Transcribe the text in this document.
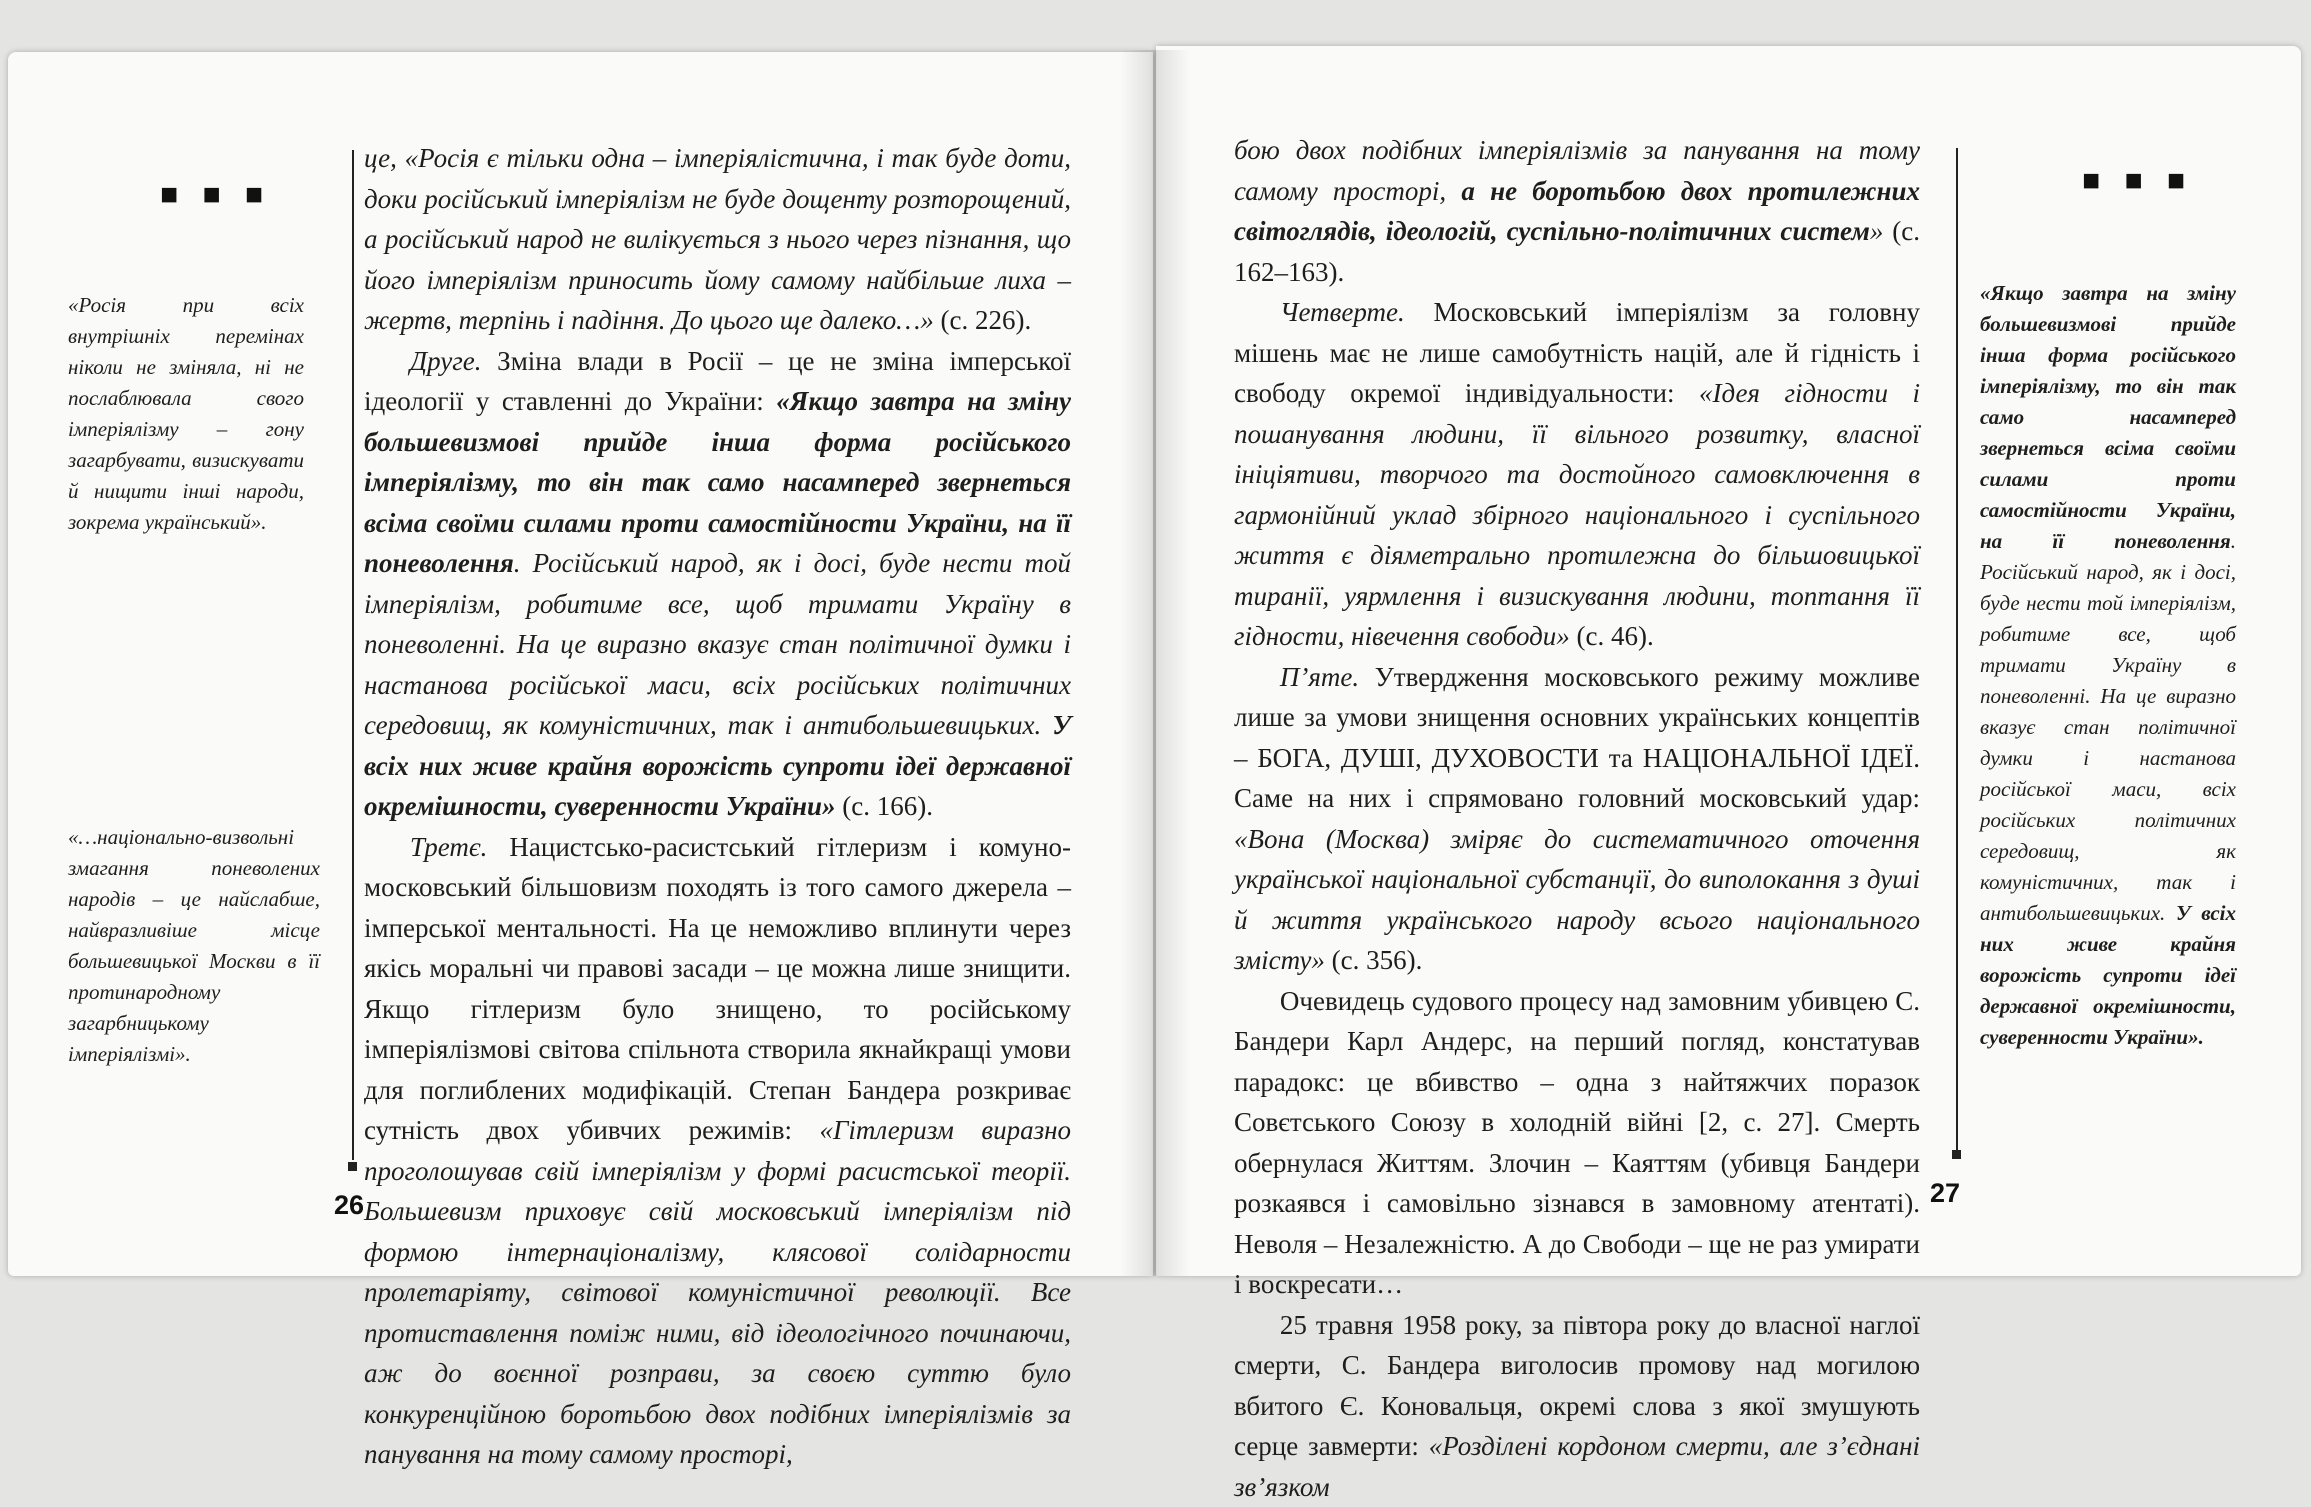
■ ■ ■

«Росія при всіх внутрішніх перемінах ніколи не зміняла, ні не послаблювала свого імперіялізму – гону загарбувати, визискувати й нищити інші народи, зокрема український».

«…національно-визвольні змагання поневолених народів – це найслабше, найвразливіше місце большевицької Москви в її протинародному загарбницькому імперіялізмі».

26

це, «Росія є тільки одна – імперіялістична, і так буде доти, доки російський імперіялізм не буде дощенту розторощений, а російський народ не вилікується з нього через пізнання, що його імперіялізм приносить йому самому найбільше лиха – жертв, терпінь і падіння. До цього ще далеко…» (с. 226).

Друге. Зміна влади в Росії – це не зміна імперської ідеології у ставленні до України: «Якщо завтра на зміну большевизмові прийде інша форма російського імперіялізму, то він так само насамперед звернеться всіма своїми силами проти самостійности України, на її поневолення. Російський народ, як і досі, буде нести той імперіялізм, робитиме все, щоб тримати Україну в поневоленні. На це виразно вказує стан політичної думки і настанова російської маси, всіх російських політичних середовищ, як комуністичних, так і антибольшевицьких. У всіх них живе крайня ворожість супроти ідеї державної окремішности, суверенности України» (с. 166).

Третє. Нацистсько-расистський гітлеризм і комуно-московський більшовизм походять із того самого джерела – імперської ментальності. На це неможливо вплинути через якісь моральні чи правові засади – це можна лише знищити. Якщо гітлеризм було знищено, то російському імперіялізмові світова спільнота створила якнайкращі умови для поглиблених модифікацій. Степан Бандера розкриває сутність двох убивчих режимів: «Гітлеризм виразно проголошував свій імперіялізм у формі расистської теорії. Большевизм приховує свій московський імперіялізм під формою інтернаціоналізму, клясової солідарности пролетаріяту, світової комуністичної революції. Все протиставлення поміж ними, від ідеологічного починаючи, аж до воєнної розправи, за своєю суттю було конкуренційною боротьбою двох подібних імперіялізмів за панування на тому самому просторі,

бою двох подібних імперіялізмів за панування на тому самому просторі, а не боротьбою двох протилежних світоглядів, ідеологій, суспільно-політичних систем» (с. 162–163).

Четверте. Московський імперіялізм за головну мішень має не лише самобутність націй, але й гідність і свободу окремої індивідуальности: «Ідея гідности і пошанування людини, її вільного розвитку, власної ініціятиви, творчого та достойного самовключення в гармонійний уклад збірного національного і суспільного життя є діяметрально протилежна до більшовицької тиранії, уярмлення і визискування людини, топтання її гідности, нівечення свободи» (с. 46).

П’яте. Утвердження московського режиму можливе лише за умови знищення основних українських концептів – БОГА, ДУШІ, ДУХОВОСТИ та НАЦІОНАЛЬНОЇ ІДЕЇ. Саме на них і спрямовано головний московський удар: «Вона (Москва) зміряє до систематичного оточення української національної субстанції, до виполокання з душі й життя українського народу всього національного змісту» (с. 356).

Очевидець судового процесу над замовним убивцею С. Бандери Карл Андерс, на перший погляд, констатував парадокс: це вбивство – одна з найтяжчих поразок Совєтського Союзу в холодній війні [2, с. 27]. Смерть обернулася Життям. Злочин – Каяттям (убивця Бандери розкаявся і самовільно зізнався в замовному атентаті). Неволя – Незалежністю. А до Свободи – ще не раз умирати і воскресати…

25 травня 1958 року, за півтора року до власної наглої смерти, С. Бандера виголосив промову над могилою вбитого Є. Коновальця, окремі слова з якої змушують серце завмерти: «Розділені кордоном смерти, але з’єднані зв’язком

27
■ ■ ■

«Якщо завтра на зміну большевизмові прийде інша форма російського імперіялізму, то він так само насамперед звернеться всіма своїми силами проти самостійности України, на її поневолення. Російський народ, як і досі, буде нести той імперіялізм, робитиме все, щоб тримати Україну в поневоленні. На це виразно вказує стан політичної думки і настанова російської маси, всіх російських політичних середовищ, як комуністичних, так і антибольшевицьких. У всіх них живе крайня ворожість супроти ідеї державної окремішности, суверенности України».
